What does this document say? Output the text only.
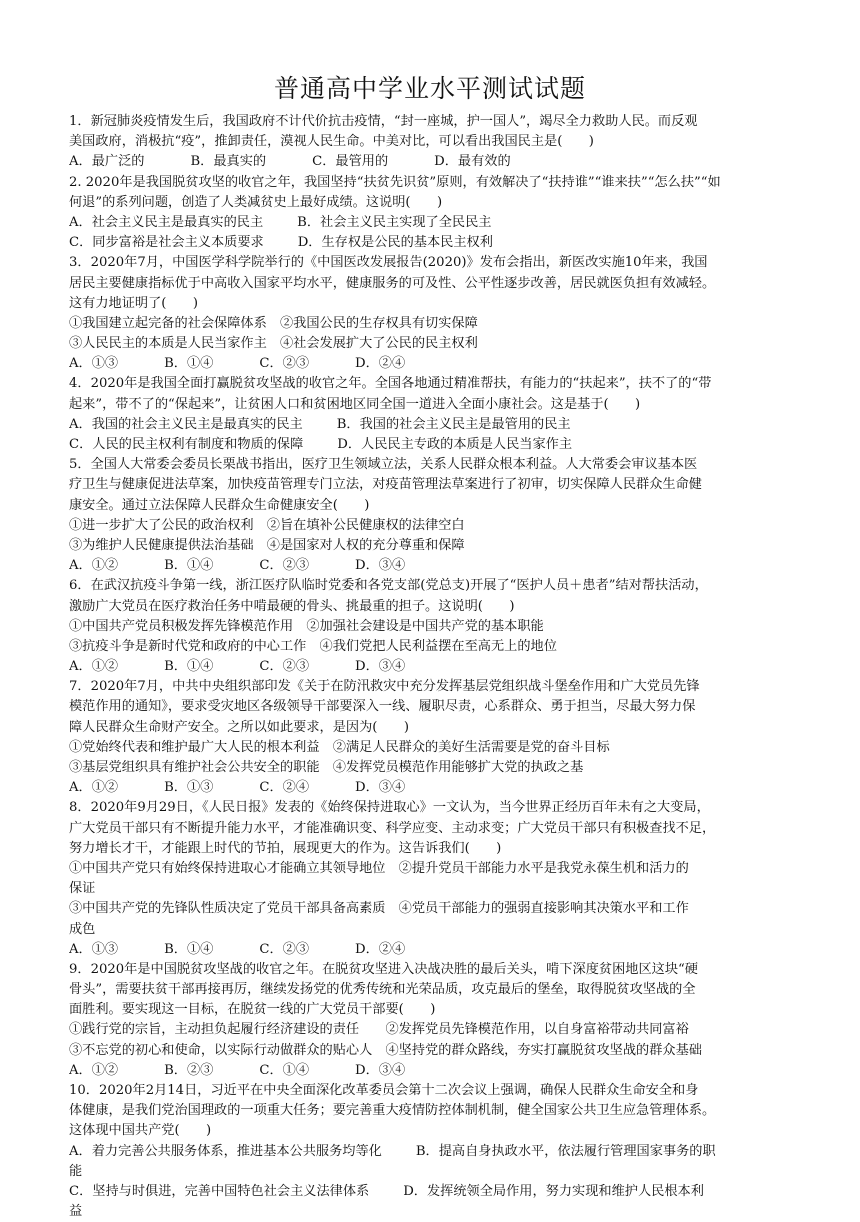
普通高中学业水平测试试题
1．新冠肺炎疫情发生后，我国政府不计代价抗击疫情，“封一座城，护一国人”，竭尽全力救助人民。而反观
美国政府，消极抗“疫”，推卸责任，漠视人民生命。中美对比，可以看出我国民主是(　　)
A．最广泛的	B．最真实的	C．最管用的	D．最有效的
2. 2020年是我国脱贫攻坚的收官之年，我国坚持“扶贫先识贫”原则，有效解决了“扶持谁”“谁来扶”“怎么扶”“如
何退”的系列问题，创造了人类减贫史上最好成绩。这说明(　　)
A．社会主义民主是最真实的民主	B．社会主义民主实现了全民民主
C．同步富裕是社会主义本质要求	D．生存权是公民的基本民主权利
3．2020年7月，中国医学科学院举行的《中国医改发展报告(2020)》发布会指出，新医改实施10年来，我国
居民主要健康指标优于中高收入国家平均水平，健康服务的可及性、公平性逐步改善，居民就医负担有效减轻。
这有力地证明了(　　)
①我国建立起完备的社会保障体系　②我国公民的生存权具有切实保障
③人民民主的本质是人民当家作主　④社会发展扩大了公民的民主权利
A．①③	B．①④	C．②③	D．②④
4．2020年是我国全面打赢脱贫攻坚战的收官之年。全国各地通过精准帮扶，有能力的“扶起来”，扶不了的“带
起来”，带不了的“保起来”，让贫困人口和贫困地区同全国一道进入全面小康社会。这是基于(　　)
A．我国的社会主义民主是最真实的民主	B．我国的社会主义民主是最管用的民主
C．人民的民主权利有制度和物质的保障	D．人民民主专政的本质是人民当家作主
5．全国人大常委会委员长栗战书指出，医疗卫生领域立法，关系人民群众根本利益。人大常委会审议基本医
疗卫生与健康促进法草案，加快疫苗管理专门立法，对疫苗管理法草案进行了初审，切实保障人民群众生命健
康安全。通过立法保障人民群众生命健康安全(　　)
①进一步扩大了公民的政治权利　②旨在填补公民健康权的法律空白
③为维护人民健康提供法治基础　④是国家对人权的充分尊重和保障
A．①②	B．①④	C．②③	D．③④
6．在武汉抗疫斗争第一线，浙江医疗队临时党委和各党支部(党总支)开展了“医护人员＋患者”结对帮扶活动，
激励广大党员在医疗救治任务中啃最硬的骨头、挑最重的担子。这说明(　　)
①中国共产党员积极发挥先锋模范作用　②加强社会建设是中国共产党的基本职能
③抗疫斗争是新时代党和政府的中心工作　④我们党把人民利益摆在至高无上的地位
A．①②	B．①④	C．②③	D．③④
7．2020年7月，中共中央组织部印发《关于在防汛救灾中充分发挥基层党组织战斗堡垒作用和广大党员先锋
模范作用的通知》，要求受灾地区各级领导干部要深入一线、履职尽责，心系群众、勇于担当，尽最大努力保
障人民群众生命财产安全。之所以如此要求，是因为(　　)
①党始终代表和维护最广大人民的根本利益　②满足人民群众的美好生活需要是党的奋斗目标
③基层党组织具有维护社会公共安全的职能　④发挥党员模范作用能够扩大党的执政之基
A．①②	B．①③	C．②④	D．③④
8．2020年9月29日，《人民日报》发表的《始终保持进取心》一文认为，当今世界正经历百年未有之大变局，
广大党员干部只有不断提升能力水平，才能准确识变、科学应变、主动求变；广大党员干部只有积极查找不足，
努力增长才干，才能跟上时代的节拍，展现更大的作为。这告诉我们(　　)
①中国共产党只有始终保持进取心才能确立其领导地位　②提升党员干部能力水平是我党永葆生机和活力的
保证
③中国共产党的先锋队性质决定了党员干部具备高素质　④党员干部能力的强弱直接影响其决策水平和工作
成色
A．①③	B．①④	C．②③	D．②④
9．2020年是中国脱贫攻坚战的收官之年。在脱贫攻坚进入决战决胜的最后关头，啃下深度贫困地区这块“硬
骨头”，需要扶贫干部再接再厉，继续发扬党的优秀传统和光荣品质，攻克最后的堡垒，取得脱贫攻坚战的全
面胜利。要实现这一目标，在脱贫一线的广大党员干部要(　　)
①践行党的宗旨，主动担负起履行经济建设的责任　　②发挥党员先锋模范作用，以自身富裕带动共同富裕
③不忘党的初心和使命，以实际行动做群众的贴心人　④坚持党的群众路线，夯实打赢脱贫攻坚战的群众基础
A．①②	B．②③	C．①④	D．③④
10．2020年2月14日，习近平在中央全面深化改革委员会第十二次会议上强调，确保人民群众生命安全和身
体健康，是我们党治国理政的一项重大任务；要完善重大疫情防控体制机制，健全国家公共卫生应急管理体系。
这体现中国共产党(　　)
A．着力完善公共服务体系，推进基本公共服务均等化	B．提高自身执政水平，依法履行管理国家事务的职
能
C．坚持与时俱进，完善中国特色社会主义法律体系	D．发挥统领全局作用，努力实现和维护人民根本利
益
